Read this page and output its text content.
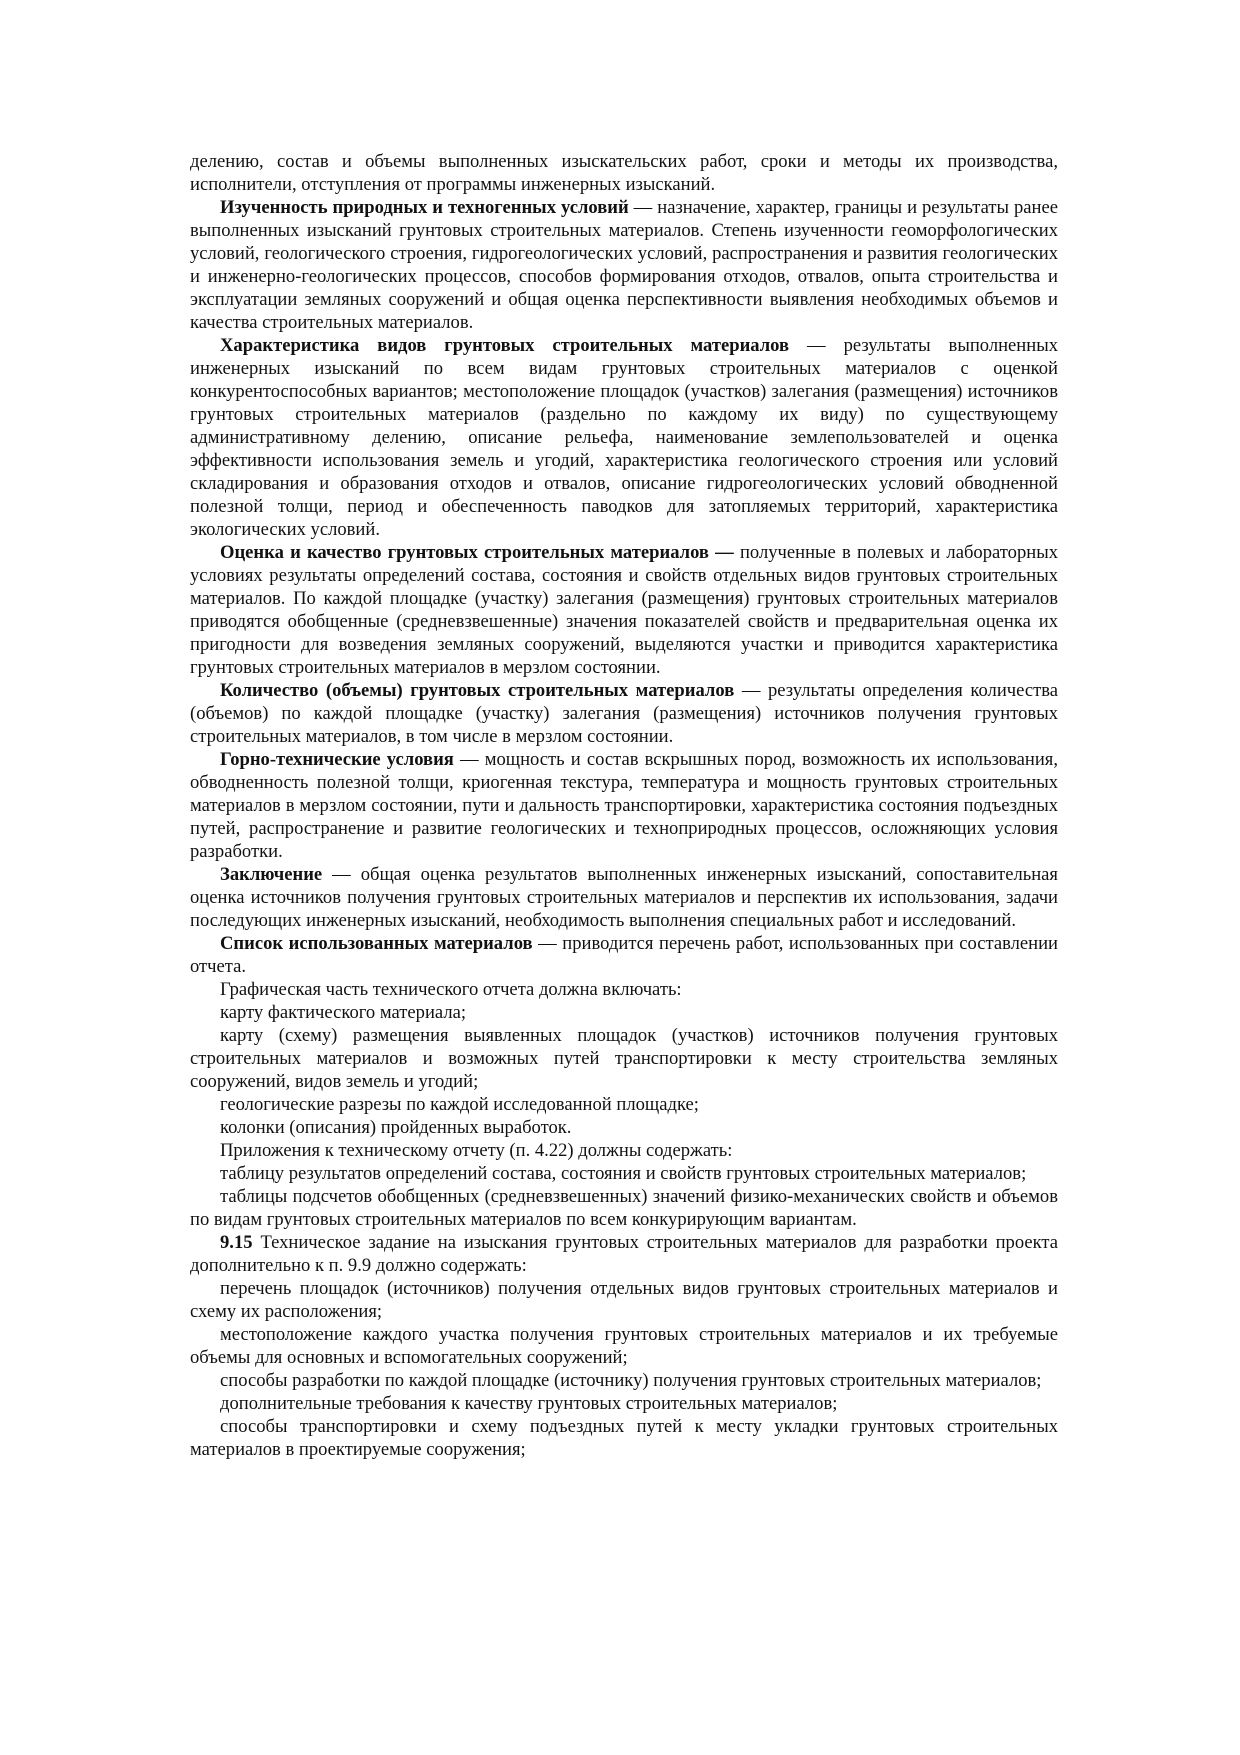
делению, состав и объемы выполненных изыскательских работ, сроки и методы их производства, исполнители, отступления от программы инженерных изысканий.

Изученность природных и техногенных условий — назначение, характер, границы и результаты ранее выполненных изысканий грунтовых строительных материалов. Степень изученности геоморфологических условий, геологического строения, гидрогеологических условий, распространения и развития геологических и инженерно-геологических процессов, способов формирования отходов, отвалов, опыта строительства и эксплуатации земляных сооружений и общая оценка перспективности выявления необходимых объемов и качества строительных материалов.

Характеристика видов грунтовых строительных материалов — результаты выполненных инженерных изысканий по всем видам грунтовых строительных материалов с оценкой конкурентоспособных вариантов; местоположение площадок (участков) залегания (размещения) источников грунтовых строительных материалов (раздельно по каждому их виду) по существующему административному делению, описание рельефа, наименование землепользователей и оценка эффективности использования земель и угодий, характеристика геологического строения или условий складирования и образования отходов и отвалов, описание гидрогеологических условий обводненной полезной толщи, период и обеспеченность паводков для затопляемых территорий, характеристика экологических условий.

Оценка и качество грунтовых строительных материалов — полученные в полевых и лабораторных условиях результаты определений состава, состояния и свойств отдельных видов грунтовых строительных материалов. По каждой площадке (участку) залегания (размещения) грунтовых строительных материалов приводятся обобщенные (средневзвешенные) значения показателей свойств и предварительная оценка их пригодности для возведения земляных сооружений, выделяются участки и приводится характеристика грунтовых строительных материалов в мерзлом состоянии.

Количество (объемы) грунтовых строительных материалов — результаты определения количества (объемов) по каждой площадке (участку) залегания (размещения) источников получения грунтовых строительных материалов, в том числе в мерзлом состоянии.

Горно-технические условия — мощность и состав вскрышных пород, возможность их использования, обводненность полезной толщи, криогенная текстура, температура и мощность грунтовых строительных материалов в мерзлом состоянии, пути и дальность транспортировки, характеристика состояния подъездных путей, распространение и развитие геологических и техноприродных процессов, осложняющих условия разработки.

Заключение — общая оценка результатов выполненных инженерных изысканий, сопоставительная оценка источников получения грунтовых строительных материалов и перспектив их использования, задачи последующих инженерных изысканий, необходимость выполнения специальных работ и исследований.

Список использованных материалов — приводится перечень работ, использованных при составлении отчета.

Графическая часть технического отчета должна включать:

карту фактического материала;

карту (схему) размещения выявленных площадок (участков) источников получения грунтовых строительных материалов и возможных путей транспортировки к месту строительства земляных сооружений, видов земель и угодий;

геологические разрезы по каждой исследованной площадке;

колонки (описания) пройденных выработок.

Приложения к техническому отчету (п. 4.22) должны содержать:

таблицу результатов определений состава, состояния и свойств грунтовых строительных материалов;

таблицы подсчетов обобщенных (средневзвешенных) значений физико-механических свойств и объемов по видам грунтовых строительных материалов по всем конкурирующим вариантам.

9.15 Техническое задание на изыскания грунтовых строительных материалов для разработки проекта дополнительно к п. 9.9 должно содержать:

перечень площадок (источников) получения отдельных видов грунтовых строительных материалов и схему их расположения;

местоположение каждого участка получения грунтовых строительных материалов и их требуемые объемы для основных и вспомогательных сооружений;

способы разработки по каждой площадке (источнику) получения грунтовых строительных материалов;

дополнительные требования к качеству грунтовых строительных материалов;

способы транспортировки и схему подъездных путей к месту укладки грунтовых строительных материалов в проектируемые сооружения;
